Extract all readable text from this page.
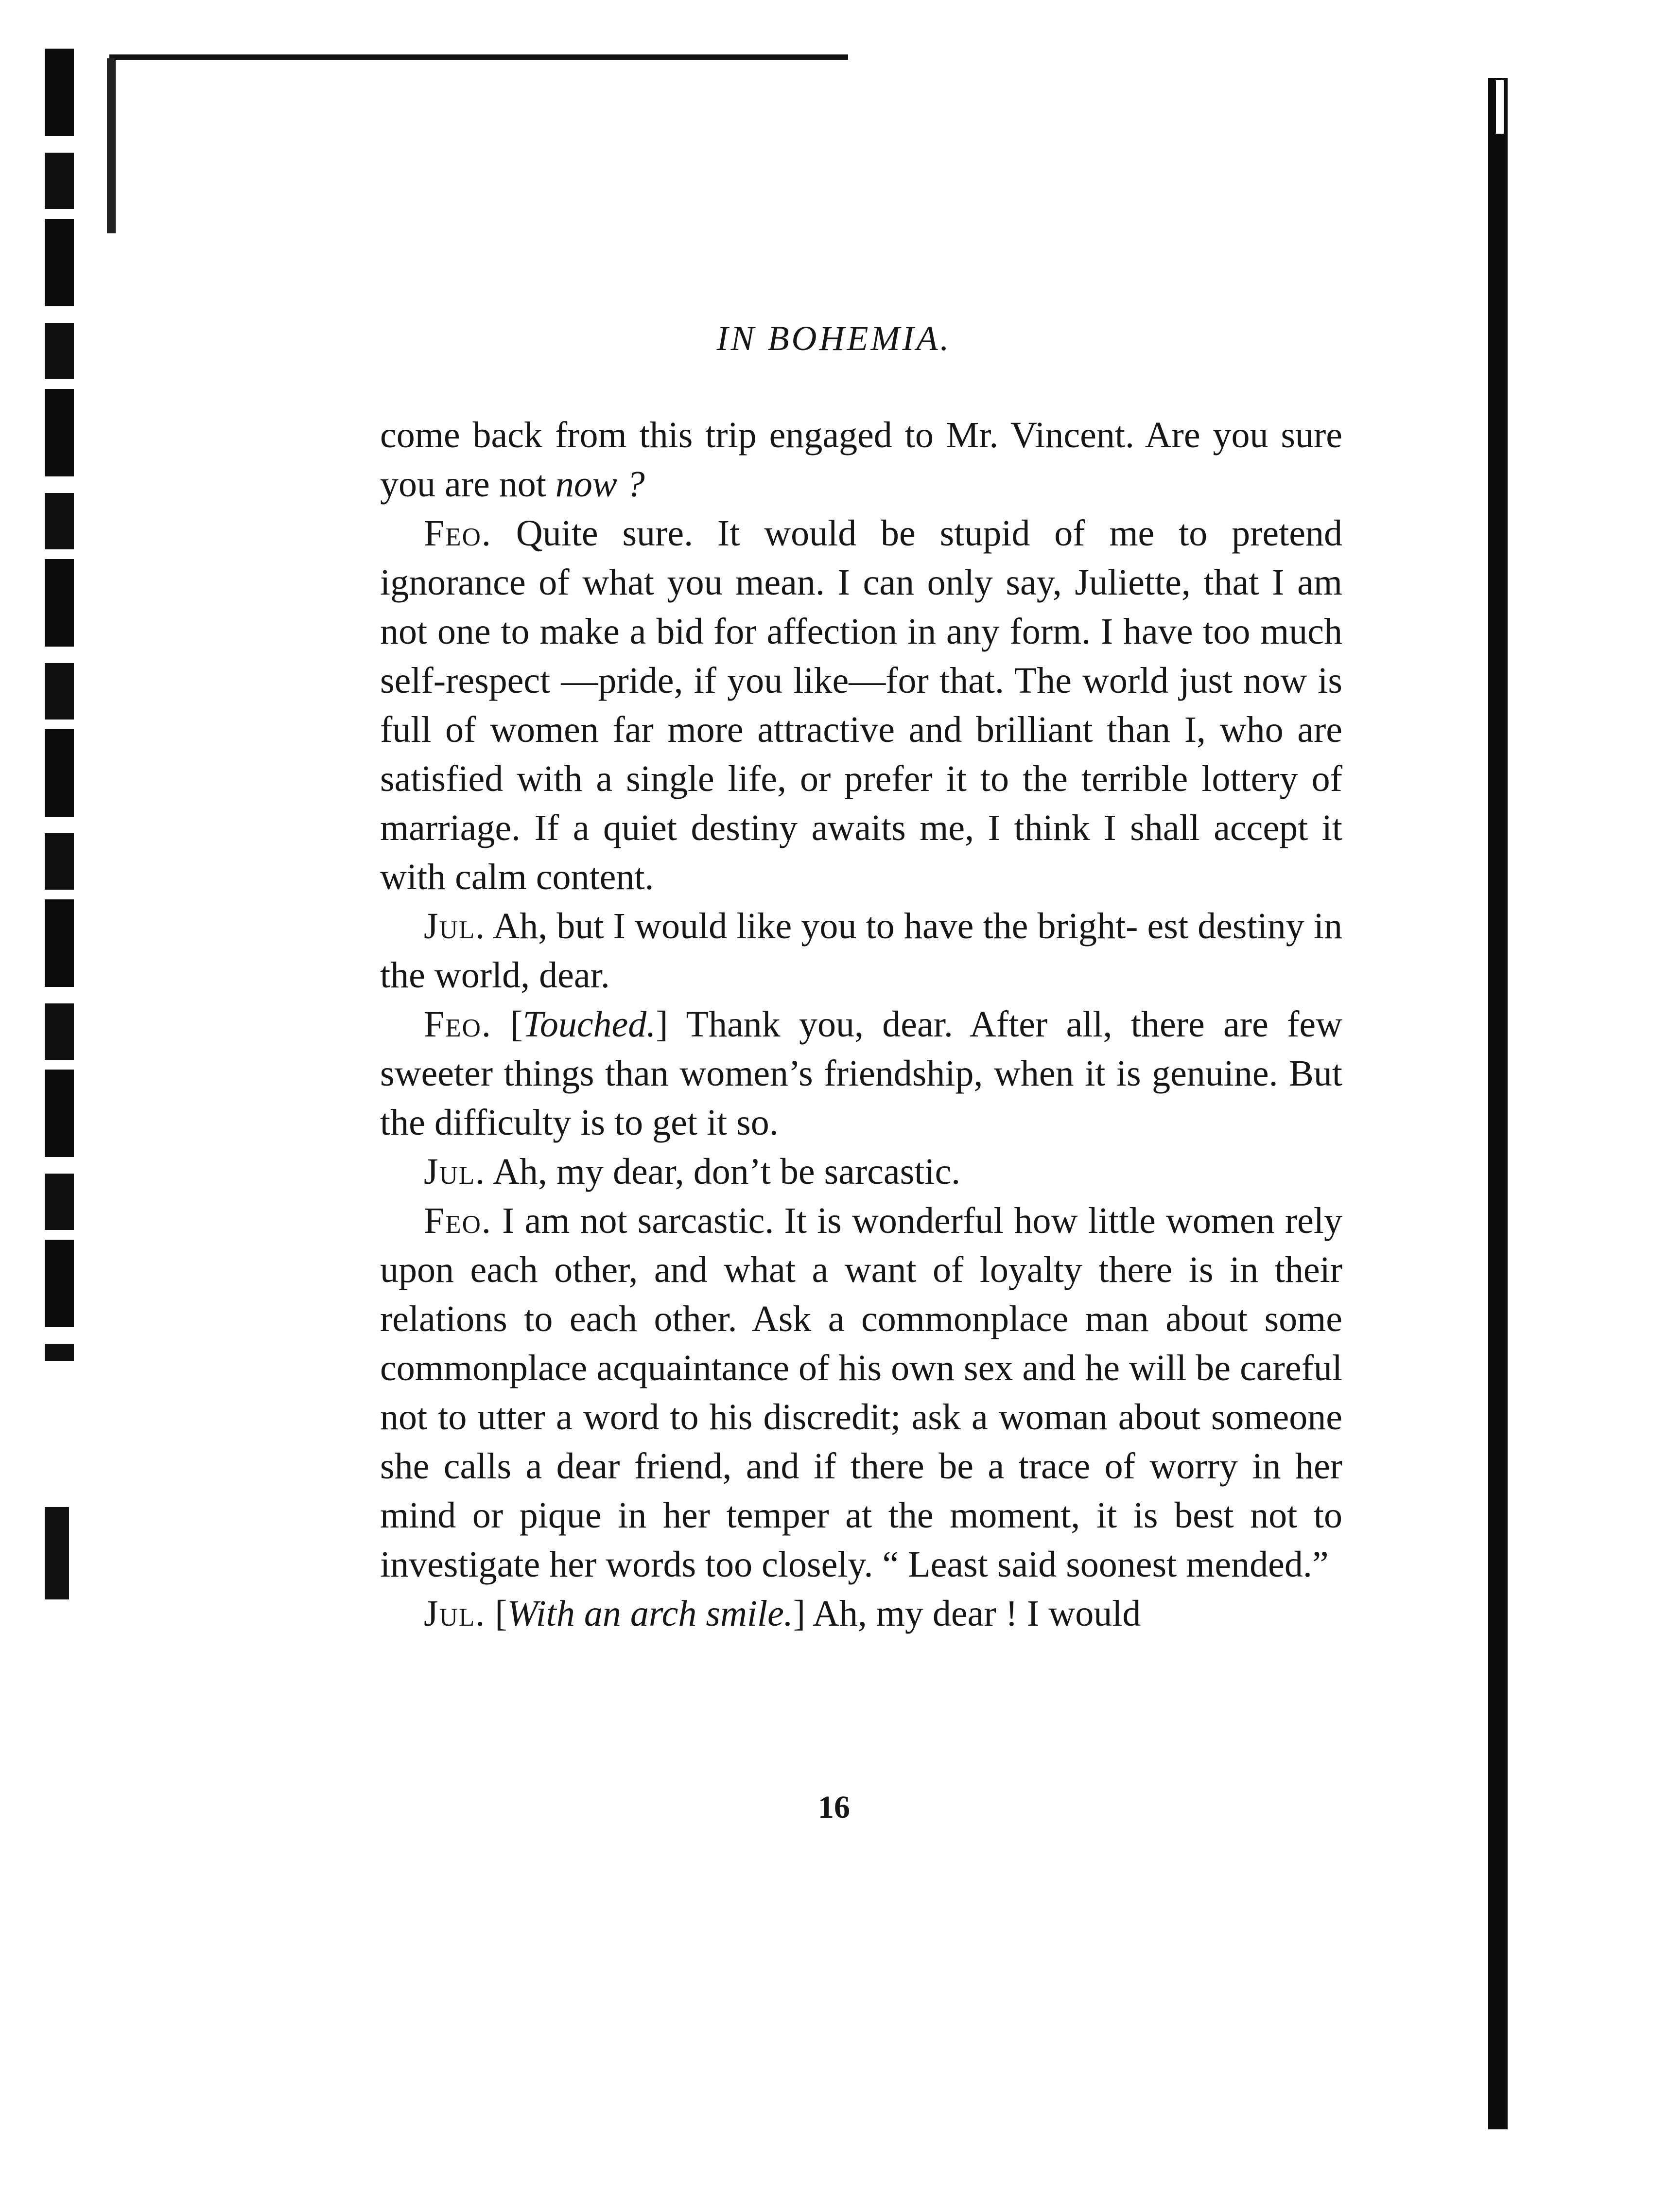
IN BOHEMIA.

come back from this trip engaged to Mr. Vincent. Are you sure you are not now ?

Feo. Quite sure. It would be stupid of me to pretend ignorance of what you mean. I can only say, Juliette, that I am not one to make a bid for affection in any form. I have too much self-respect —pride, if you like—for that. The world just now is full of women far more attractive and brilliant than I, who are satisfied with a single life, or prefer it to the terrible lottery of marriage. If a quiet destiny awaits me, I think I shall accept it with calm content.

Jul. Ah, but I would like you to have the bright- est destiny in the world, dear.

Feo. [Touched.] Thank you, dear. After all, there are few sweeter things than women’s friendship, when it is genuine. But the difficulty is to get it so.

Jul. Ah, my dear, don’t be sarcastic.

Feo. I am not sarcastic. It is wonderful how little women rely upon each other, and what a want of loyalty there is in their relations to each other. Ask a commonplace man about some commonplace acquaintance of his own sex and he will be careful not to utter a word to his discredit; ask a woman about someone she calls a dear friend, and if there be a trace of worry in her mind or pique in her temper at the moment, it is best not to investigate her words too closely. “ Least said soonest mended.”

Jul. [With an arch smile.] Ah, my dear ! I would

16
